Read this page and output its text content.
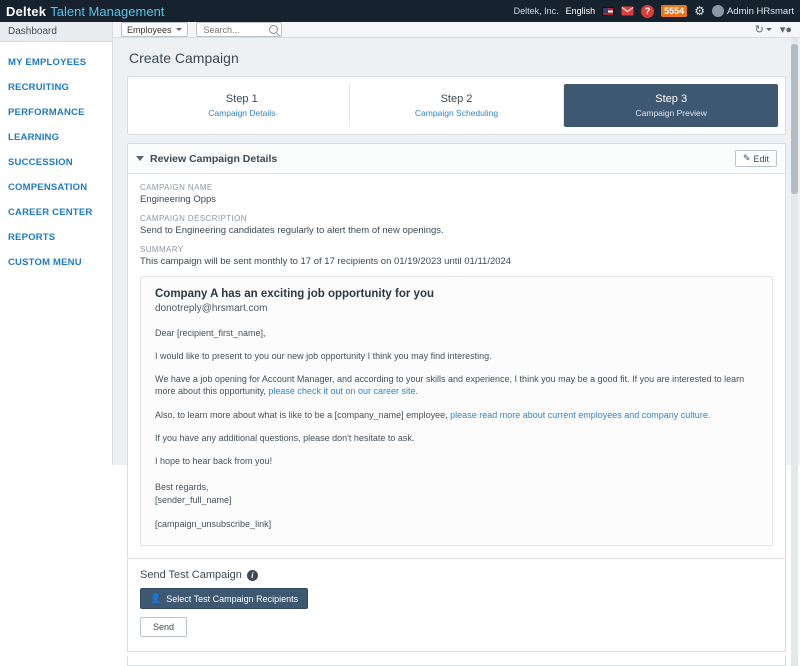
Deltek Talent Management	Deltek, Inc. English	?	5554 ⚙ Admin HRsmart
Dashboard
MY EMPLOYEES
RECRUITING
PERFORMANCE
LEARNING
SUCCESSION
COMPENSATION
CAREER CENTER
REPORTS
CUSTOM MENU
Employees
Search...	↻	▾●
Create Campaign
Step 1
Campaign Details
Step 2
Campaign Scheduling
Step 3
Campaign Preview
Review Campaign Details	✎ Edit
CAMPAIGN NAME
Engineering Opps
CAMPAIGN DESCRIPTION
Send to Engineering candidates regularly to alert them of new openings.
SUMMARY
This campaign will be sent monthly to 17 of 17 recipients on 01/19/2023 until 01/11/2024
Company A has an exciting job opportunity for you
donotreply@hrsmart.com

Dear [recipient_first_name],

I would like to present to you our new job opportunity I think you may find interesting.

We have a job opening for Account Manager, and according to your skills and experience, I think you may be a good fit. If you are interested to learn more about this opportunity, please check it out on our career site.

Also, to learn more about what is like to be a [company_name] employee, please read more about current employees and company culture.

If you have any additional questions, please don't hesitate to ask.

I hope to hear back from you!

Best regards,

[sender_full_name]

[campaign_unsubscribe_link]
Send Test Campaign	i
👤 Select Test Campaign Recipients
Send
